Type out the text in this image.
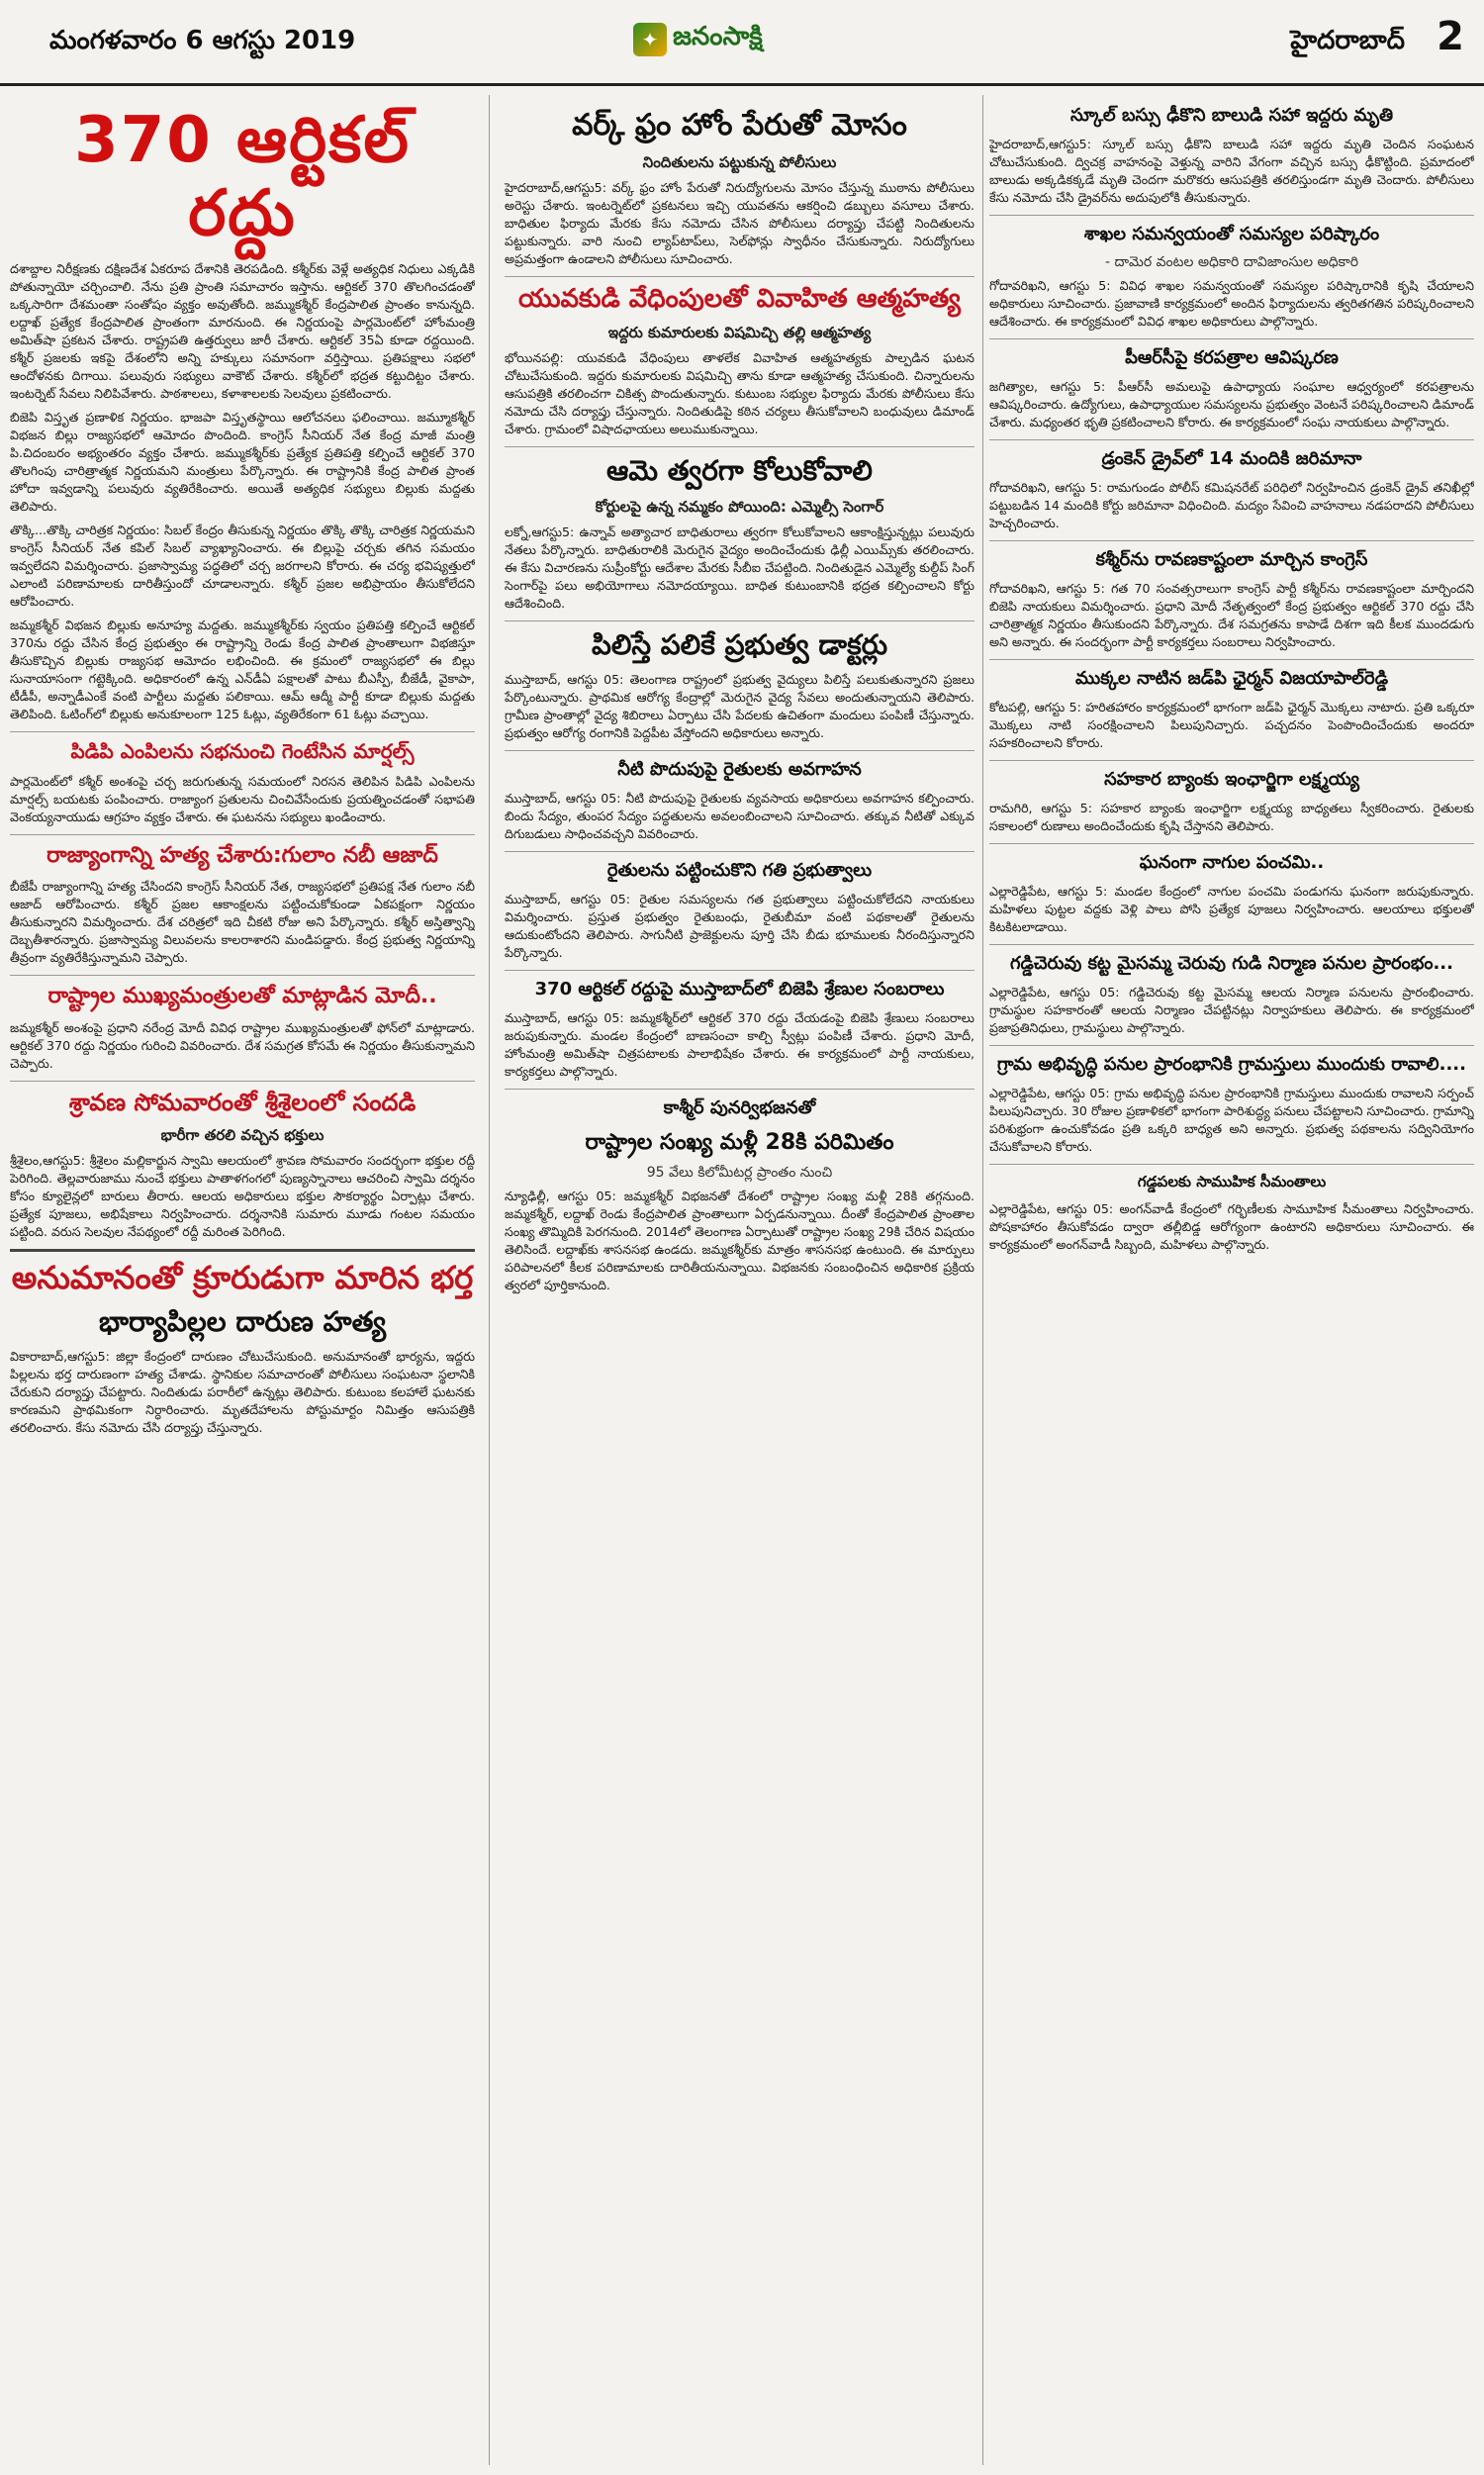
మంగళవారం 6 ఆగస్టు 2019	✦ జనంసాక్షి	హైదరాబాద్ 2
370 ఆర్టికల్‌ రద్దు

దశాబ్దాల నిరీక్షణకు దక్షిణదేశ ఏకరూప దేశానికి తెరపడింది. కశ్మీర్‌కు వెళ్లే అత్యధిక నిధులు ఎక్కడికి పోతున్నాయో చర్చించాలి. నేను ప్రతి ప్రాంతి సమాచారం ఇస్తాను. ఆర్టికల్‌ 370 తొలగించడంతో ఒక్కసారిగా దేశమంతా సంతోషం వ్యక్తం అవుతోంది. జమ్ముకశ్మీర్‌ కేంద్రపాలిత ప్రాంతం కానున్నది. లద్దాఖ్‌ ప్రత్యేక కేంద్రపాలిత ప్రాంతంగా మారనుంది. ఈ నిర్ణయంపై పార్లమెంట్‌లో హోంమంత్రి అమిత్‌షా ప్రకటన చేశారు. రాష్ట్రపతి ఉత్తర్వులు జారీ చేశారు. ఆర్టికల్‌ 35ఏ కూడా రద్దయింది. కశ్మీర్‌ ప్రజలకు ఇకపై దేశంలోని అన్ని హక్కులు సమానంగా వర్తిస్తాయి. ప్రతిపక్షాలు సభలో ఆందోళనకు దిగాయి. పలువురు సభ్యులు వాకౌట్‌ చేశారు. కశ్మీర్‌లో భద్రత కట్టుదిట్టం చేశారు. ఇంటర్నెట్‌ సేవలు నిలిపివేశారు. పాఠశాలలు, కళాశాలలకు సెలవులు ప్రకటించారు.

బిజెపి విస్తృత ప్రణాళిక నిర్ణయం. భాజపా విస్తృతస్థాయి ఆలోచనలు ఫలించాయి. జమ్మూకశ్మీర్‌ విభజన బిల్లు రాజ్యసభలో ఆమోదం పొందింది. కాంగ్రెస్‌ సీనియర్‌ నేత కేంద్ర మాజీ మంత్రి పి.చిదంబరం అభ్యంతరం వ్యక్తం చేశారు. జమ్ముకశ్మీర్‌కు ప్రత్యేక ప్రతిపత్తి కల్పించే ఆర్టికల్‌ 370 తొలగింపు చారిత్రాత్మక నిర్ణయమని మంత్రులు పేర్కొన్నారు. ఈ రాష్ట్రానికి కేంద్ర పాలిత ప్రాంత హోదా ఇవ్వడాన్ని పలువురు వ్యతిరేకించారు. అయితే అత్యధిక సభ్యులు బిల్లుకు మద్దతు తెలిపారు.

తొక్కి...తొక్కి చారిత్రక నిర్ణయం: సిబల్‌ కేంద్రం తీసుకున్న నిర్ణయం తొక్కి తొక్కి చారిత్రక నిర్ణయమని కాంగ్రెస్‌ సీనియర్‌ నేత కపిల్‌ సిబల్‌ వ్యాఖ్యానించారు. ఈ బిల్లుపై చర్చకు తగిన సమయం ఇవ్వలేదని విమర్శించారు. ప్రజాస్వామ్య పద్ధతిలో చర్చ జరగాలని కోరారు. ఈ చర్య భవిష్యత్తులో ఎలాంటి పరిణామాలకు దారితీస్తుందో చూడాలన్నారు. కశ్మీర్‌ ప్రజల అభిప్రాయం తీసుకోలేదని ఆరోపించారు.

జమ్మకశ్మీర్‌ విభజన బిల్లుకు అనూహ్య మద్దతు. జమ్ముకశ్మీర్‌కు స్వయం ప్రతిపత్తి కల్పించే ఆర్టికల్‌ 370ను రద్దు చేసిన కేంద్ర ప్రభుత్వం ఈ రాష్ట్రాన్ని రెండు కేంద్ర పాలిత ప్రాంతాలుగా విభజిస్తూ తీసుకొచ్చిన బిల్లుకు రాజ్యసభ ఆమోదం లభించింది. ఈ క్రమంలో రాజ్యసభలో ఈ బిల్లు సునాయాసంగా గట్టెక్కింది. అధికారంలో ఉన్న ఎన్‌డీఏ పక్షాలతో పాటు బీఎస్పీ, బీజేడీ, వైకాపా, టీడీపీ, అన్నాడీఎంకే వంటి పార్టీలు మద్దతు పలికాయి. ఆమ్‌ ఆద్మీ పార్టీ కూడా బిల్లుకు మద్దతు తెలిపింది. ఓటింగ్‌లో బిల్లుకు అనుకూలంగా 125 ఓట్లు, వ్యతిరేకంగా 61 ఓట్లు వచ్చాయి.

పిడిపి ఎంపిలను సభనుంచి గెంటేసిన మార్షల్స్‌

పార్లమెంట్‌లో కశ్మీర్‌ అంశంపై చర్చ జరుగుతున్న సమయంలో నిరసన తెలిపిన పిడిపి ఎంపిలను మార్షల్స్‌ బయటకు పంపించారు. రాజ్యాంగ ప్రతులను చించివేసేందుకు ప్రయత్నించడంతో సభాపతి వెంకయ్యనాయుడు ఆగ్రహం వ్యక్తం చేశారు. ఈ ఘటనను సభ్యులు ఖండించారు.

రాజ్యాంగాన్ని హత్య చేశారు:గులాం నబీ ఆజాద్‌

బీజేపీ రాజ్యాంగాన్ని హత్య చేసిందని కాంగ్రెస్‌ సీనియర్‌ నేత, రాజ్యసభలో ప్రతిపక్ష నేత గులాం నబీ ఆజాద్‌ ఆరోపించారు. కశ్మీర్‌ ప్రజల ఆకాంక్షలను పట్టించుకోకుండా ఏకపక్షంగా నిర్ణయం తీసుకున్నారని విమర్శించారు. దేశ చరిత్రలో ఇది చీకటి రోజు అని పేర్కొన్నారు. కశ్మీర్‌ అస్తిత్వాన్ని దెబ్బతీశారన్నారు. ప్రజాస్వామ్య విలువలను కాలరాశారని మండిపడ్డారు. కేంద్ర ప్రభుత్వ నిర్ణయాన్ని తీవ్రంగా వ్యతిరేకిస్తున్నామని చెప్పారు.

రాష్ట్రాల ముఖ్యమంత్రులతో మాట్లాడిన మోదీ..

జమ్మకశ్మీర్‌ అంశంపై ప్రధాని నరేంద్ర మోదీ వివిధ రాష్ట్రాల ముఖ్యమంత్రులతో ఫోన్‌లో మాట్లాడారు. ఆర్టికల్‌ 370 రద్దు నిర్ణయం గురించి వివరించారు. దేశ సమగ్రత కోసమే ఈ నిర్ణయం తీసుకున్నామని చెప్పారు.

శ్రావణ సోమవారంతో శ్రీశైలంలో సందడి
భారీగా తరలి వచ్చిన భక్తులు

శ్రీశైలం,ఆగస్టు5: శ్రీశైలం మల్లికార్జున స్వామి ఆలయంలో శ్రావణ సోమవారం సందర్భంగా భక్తుల రద్దీ పెరిగింది. తెల్లవారుజాము నుంచే భక్తులు పాతాళగంగలో పుణ్యస్నానాలు ఆచరించి స్వామి దర్శనం కోసం క్యూలైన్లలో బారులు తీరారు. ఆలయ అధికారులు భక్తుల సౌకర్యార్థం ఏర్పాట్లు చేశారు. ప్రత్యేక పూజలు, అభిషేకాలు నిర్వహించారు. దర్శనానికి సుమారు మూడు గంటల సమయం పట్టింది. వరుస సెలవుల నేపథ్యంలో రద్దీ మరింత పెరిగింది.

అనుమానంతో క్రూరుడుగా మారిన భర్త
భార్యాపిల్లల దారుణ హత్య

వికారాబాద్‌,ఆగస్టు5: జిల్లా కేంద్రంలో దారుణం చోటుచేసుకుంది. అనుమానంతో భార్యను, ఇద్దరు పిల్లలను భర్త దారుణంగా హత్య చేశాడు. స్థానికుల సమాచారంతో పోలీసులు సంఘటనా స్థలానికి చేరుకుని దర్యాప్తు చేపట్టారు. నిందితుడు పరారీలో ఉన్నట్లు తెలిపారు. కుటుంబ కలహాలే ఘటనకు కారణమని ప్రాథమికంగా నిర్ధారించారు. మృతదేహాలను పోస్టుమార్టం నిమిత్తం ఆసుపత్రికి తరలించారు. కేసు నమోదు చేసి దర్యాప్తు చేస్తున్నారు.

వర్క్‌ ఫ్రం హోం పేరుతో మోసం
నిందితులను పట్టుకున్న పోలీసులు

హైదరాబాద్‌,ఆగస్టు5: వర్క్‌ ఫ్రం హోం పేరుతో నిరుద్యోగులను మోసం చేస్తున్న ముఠాను పోలీసులు అరెస్టు చేశారు. ఇంటర్నెట్‌లో ప్రకటనలు ఇచ్చి యువతను ఆకర్షించి డబ్బులు వసూలు చేశారు. బాధితుల ఫిర్యాదు మేరకు కేసు నమోదు చేసిన పోలీసులు దర్యాప్తు చేపట్టి నిందితులను పట్టుకున్నారు. వారి నుంచి ల్యాప్‌టాప్‌లు, సెల్‌ఫోన్లు స్వాధీనం చేసుకున్నారు. నిరుద్యోగులు అప్రమత్తంగా ఉండాలని పోలీసులు సూచించారు.

యువకుడి వేధింపులతో వివాహిత ఆత్మహత్య
ఇద్దరు కుమారులకు విషమిచ్చి తల్లి ఆత్మహత్య

భోయినపల్లి: యువకుడి వేధింపులు తాళలేక వివాహిత ఆత్మహత్యకు పాల్పడిన ఘటన చోటుచేసుకుంది. ఇద్దరు కుమారులకు విషమిచ్చి తాను కూడా ఆత్మహత్య చేసుకుంది. చిన్నారులను ఆసుపత్రికి తరలించగా చికిత్స పొందుతున్నారు. కుటుంబ సభ్యుల ఫిర్యాదు మేరకు పోలీసులు కేసు నమోదు చేసి దర్యాప్తు చేస్తున్నారు. నిందితుడిపై కఠిన చర్యలు తీసుకోవాలని బంధువులు డిమాండ్‌ చేశారు. గ్రామంలో విషాదఛాయలు అలుముకున్నాయి.

ఆమె త్వరగా కోలుకోవాలి
కోర్టులపై ఉన్న నమ్మకం పోయింది: ఎమ్మెల్సీ సెంగార్‌

లక్నో,ఆగస్టు5: ఉన్నావ్‌ అత్యాచార బాధితురాలు త్వరగా కోలుకోవాలని ఆకాంక్షిస్తున్నట్లు పలువురు నేతలు పేర్కొన్నారు. బాధితురాలికి మెరుగైన వైద్యం అందించేందుకు ఢిల్లీ ఎయిమ్స్‌కు తరలించారు. ఈ కేసు విచారణను సుప్రీంకోర్టు ఆదేశాల మేరకు సీబీఐ చేపట్టింది. నిందితుడైన ఎమ్మెల్యే కుల్దీప్‌ సింగ్‌ సెంగార్‌పై పలు అభియోగాలు నమోదయ్యాయి. బాధిత కుటుంబానికి భద్రత కల్పించాలని కోర్టు ఆదేశించింది.

పిలిస్తే పలికే ప్రభుత్వ డాక్టర్లు

ముస్తాబాద్‌, ఆగస్టు 05: తెలంగాణ రాష్ట్రంలో ప్రభుత్వ వైద్యులు పిలిస్తే పలుకుతున్నారని ప్రజలు పేర్కొంటున్నారు. ప్రాథమిక ఆరోగ్య కేంద్రాల్లో మెరుగైన వైద్య సేవలు అందుతున్నాయని తెలిపారు. గ్రామీణ ప్రాంతాల్లో వైద్య శిబిరాలు ఏర్పాటు చేసి పేదలకు ఉచితంగా మందులు పంపిణీ చేస్తున్నారు. ప్రభుత్వం ఆరోగ్య రంగానికి పెద్దపీట వేస్తోందని అధికారులు అన్నారు.

నీటి పొదుపుపై రైతులకు అవగాహన

ముస్తాబాద్‌, ఆగస్టు 05: నీటి పొదుపుపై రైతులకు వ్యవసాయ అధికారులు అవగాహన కల్పించారు. బిందు సేద్యం, తుంపర సేద్యం పద్ధతులను అవలంబించాలని సూచించారు. తక్కువ నీటితో ఎక్కువ దిగుబడులు సాధించవచ్చని వివరించారు.

రైతులను పట్టించుకొని గతి ప్రభుత్వాలు

ముస్తాబాద్‌, ఆగస్టు 05: రైతుల సమస్యలను గత ప్రభుత్వాలు పట్టించుకోలేదని నాయకులు విమర్శించారు. ప్రస్తుత ప్రభుత్వం రైతుబంధు, రైతుబీమా వంటి పథకాలతో రైతులను ఆదుకుంటోందని తెలిపారు. సాగునీటి ప్రాజెక్టులను పూర్తి చేసి బీడు భూములకు నీరందిస్తున్నారని పేర్కొన్నారు.

370 ఆర్టికల్‌ రద్దుపై ముస్తాబాద్‌లో బిజెపి శ్రేణుల సంబరాలు

ముస్తాబాద్‌, ఆగస్టు 05: జమ్మకశ్మీర్‌లో ఆర్టికల్‌ 370 రద్దు చేయడంపై బిజెపి శ్రేణులు సంబరాలు జరుపుకున్నారు. మండల కేంద్రంలో బాణసంచా కాల్చి స్వీట్లు పంపిణీ చేశారు. ప్రధాని మోదీ, హోంమంత్రి అమిత్‌షా చిత్రపటాలకు పాలాభిషేకం చేశారు. ఈ కార్యక్రమంలో పార్టీ నాయకులు, కార్యకర్తలు పాల్గొన్నారు.

కాశ్మీర్‌ పునర్విభజనతో
రాష్ట్రాల సంఖ్య మళ్లీ 28కి పరిమితం
95 వేలు కిలోమీటర్ల ప్రాంతం నుంచి

న్యూఢిల్లీ, ఆగస్టు 05: జమ్మకశ్మీర్‌ విభజనతో దేశంలో రాష్ట్రాల సంఖ్య మళ్లీ 28కి తగ్గనుంది. జమ్మకశ్మీర్‌, లద్దాఖ్‌ రెండు కేంద్రపాలిత ప్రాంతాలుగా ఏర్పడనున్నాయి. దీంతో కేంద్రపాలిత ప్రాంతాల సంఖ్య తొమ్మిదికి పెరగనుంది. 2014లో తెలంగాణ ఏర్పాటుతో రాష్ట్రాల సంఖ్య 29కి చేరిన విషయం తెలిసిందే. లద్దాఖ్‌కు శాసనసభ ఉండదు. జమ్మకశ్మీర్‌కు మాత్రం శాసనసభ ఉంటుంది. ఈ మార్పులు పరిపాలనలో కీలక పరిణామాలకు దారితీయనున్నాయి. విభజనకు సంబంధించిన అధికారిక ప్రక్రియ త్వరలో పూర్తికానుంది.

స్కూల్‌ బస్సు ఢీకొని బాలుడి సహా ఇద్దరు మృతి

హైదరాబాద్‌,ఆగస్టు5: స్కూల్‌ బస్సు ఢీకొని బాలుడి సహా ఇద్దరు మృతి చెందిన సంఘటన చోటుచేసుకుంది. ద్విచక్ర వాహనంపై వెళ్తున్న వారిని వేగంగా వచ్చిన బస్సు ఢీకొట్టింది. ప్రమాదంలో బాలుడు అక్కడికక్కడే మృతి చెందగా మరొకరు ఆసుపత్రికి తరలిస్తుండగా మృతి చెందారు. పోలీసులు కేసు నమోదు చేసి డ్రైవర్‌ను అదుపులోకి తీసుకున్నారు.

శాఖల సమన్వయంతో సమస్యల పరిష్కారం
- దామెర వంటల అధికారి దావిజాంసుల అధికారి

గోదావరిఖని, ఆగస్టు 5: వివిధ శాఖల సమన్వయంతో సమస్యల పరిష్కారానికి కృషి చేయాలని అధికారులు సూచించారు. ప్రజావాణి కార్యక్రమంలో అందిన ఫిర్యాదులను త్వరితగతిన పరిష్కరించాలని ఆదేశించారు. ఈ కార్యక్రమంలో వివిధ శాఖల అధికారులు పాల్గొన్నారు.

పీఆర్‌సీపై కరపత్రాల ఆవిష్కరణ

జగిత్యాల, ఆగస్టు 5: పీఆర్‌సీ అమలుపై ఉపాధ్యాయ సంఘాల ఆధ్వర్యంలో కరపత్రాలను ఆవిష్కరించారు. ఉద్యోగులు, ఉపాధ్యాయుల సమస్యలను ప్రభుత్వం వెంటనే పరిష్కరించాలని డిమాండ్‌ చేశారు. మధ్యంతర భృతి ప్రకటించాలని కోరారు. ఈ కార్యక్రమంలో సంఘ నాయకులు పాల్గొన్నారు.

డ్రంకెన్‌ డ్రైవ్‌లో 14 మందికి జరిమానా

గోదావరిఖని, ఆగస్టు 5: రామగుండం పోలీస్‌ కమిషనరేట్‌ పరిధిలో నిర్వహించిన డ్రంకెన్‌ డ్రైవ్‌ తనిఖీల్లో పట్టుబడిన 14 మందికి కోర్టు జరిమానా విధించింది. మద్యం సేవించి వాహనాలు నడపరాదని పోలీసులు హెచ్చరించారు.

కశ్మీర్‌ను రావణకాష్టంలా మార్చిన కాంగ్రెస్‌

గోదావరిఖని, ఆగస్టు 5: గత 70 సంవత్సరాలుగా కాంగ్రెస్‌ పార్టీ కశ్మీర్‌ను రావణకాష్టంలా మార్చిందని బిజెపి నాయకులు విమర్శించారు. ప్రధాని మోదీ నేతృత్వంలో కేంద్ర ప్రభుత్వం ఆర్టికల్‌ 370 రద్దు చేసి చారిత్రాత్మక నిర్ణయం తీసుకుందని పేర్కొన్నారు. దేశ సమగ్రతను కాపాడే దిశగా ఇది కీలక ముందడుగు అని అన్నారు. ఈ సందర్భంగా పార్టీ కార్యకర్తలు సంబరాలు నిర్వహించారు.

ముక్కల నాటిన జడ్‌పి ఛైర్మన్‌ విజయాపాల్‌రెడ్డి

కోటపల్లి, ఆగస్టు 5: హరితహారం కార్యక్రమంలో భాగంగా జడ్‌పి ఛైర్మన్‌ మొక్కలు నాటారు. ప్రతి ఒక్కరూ మొక్కలు నాటి సంరక్షించాలని పిలుపునిచ్చారు. పచ్చదనం పెంపొందించేందుకు అందరూ సహకరించాలని కోరారు.

సహకార బ్యాంకు ఇంఛార్జిగా లక్ష్మయ్య

రామగిరి, ఆగస్టు 5: సహకార బ్యాంకు ఇంఛార్జిగా లక్ష్మయ్య బాధ్యతలు స్వీకరించారు. రైతులకు సకాలంలో రుణాలు అందించేందుకు కృషి చేస్తానని తెలిపారు.

ఘనంగా నాగుల పంచమి..

ఎల్లారెడ్డిపేట, ఆగస్టు 5: మండల కేంద్రంలో నాగుల పంచమి పండుగను ఘనంగా జరుపుకున్నారు. మహిళలు పుట్టల వద్దకు వెళ్లి పాలు పోసి ప్రత్యేక పూజలు నిర్వహించారు. ఆలయాలు భక్తులతో కిటకిటలాడాయి.

గడ్డిచెరువు కట్ట మైసమ్మ చెరువు గుడి నిర్మాణ పనుల ప్రారంభం...

ఎల్లారెడ్డిపేట, ఆగస్టు 05: గడ్డిచెరువు కట్ట మైసమ్మ ఆలయ నిర్మాణ పనులను ప్రారంభించారు. గ్రామస్థుల సహకారంతో ఆలయ నిర్మాణం చేపట్టినట్లు నిర్వాహకులు తెలిపారు. ఈ కార్యక్రమంలో ప్రజాప్రతినిధులు, గ్రామస్థులు పాల్గొన్నారు.

గ్రామ అభివృద్ధి పనుల ప్రారంభానికి గ్రామస్తులు ముందుకు రావాలి....

ఎల్లారెడ్డిపేట, ఆగస్టు 05: గ్రామ అభివృద్ధి పనుల ప్రారంభానికి గ్రామస్తులు ముందుకు రావాలని సర్పంచ్‌ పిలుపునిచ్చారు. 30 రోజుల ప్రణాళికలో భాగంగా పారిశుద్ధ్య పనులు చేపట్టాలని సూచించారు. గ్రామాన్ని పరిశుభ్రంగా ఉంచుకోవడం ప్రతి ఒక్కరి బాధ్యత అని అన్నారు. ప్రభుత్వ పథకాలను సద్వినియోగం చేసుకోవాలని కోరారు.

గడ్డపలకు సాముహిక సీమంతాలు

ఎల్లారెడ్డిపేట, ఆగస్టు 05: అంగన్‌వాడీ కేంద్రంలో గర్భిణీలకు సామూహిక సీమంతాలు నిర్వహించారు. పోషకాహారం తీసుకోవడం ద్వారా తల్లీబిడ్డ ఆరోగ్యంగా ఉంటారని అధికారులు సూచించారు. ఈ కార్యక్రమంలో అంగన్‌వాడీ సిబ్బంది, మహిళలు పాల్గొన్నారు.
